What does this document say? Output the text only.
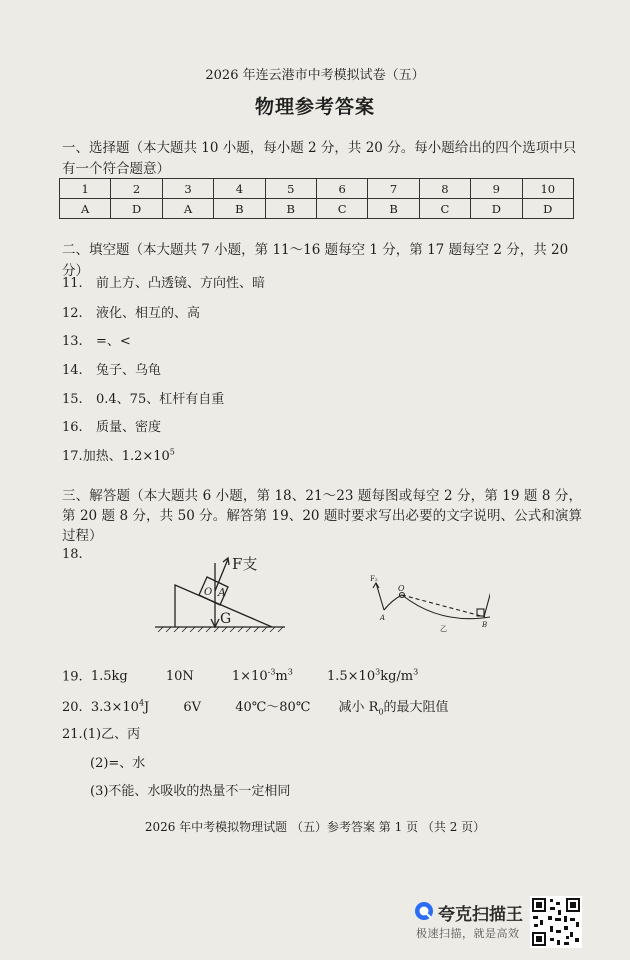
2026 年连云港市中考模拟试卷（五）
物理参考答案
一、选择题（本大题共 10 小题，每小题 2 分，共 20 分。每小题给出的四个选项中只有一个符合题意）
1	2	3	4	5	6	7	8	9	10
A	D	A	B	B	C	B	C	D	D
二、填空题（本大题共 7 小题，第 11～16 题每空 1 分，第 17 题每空 2 分，共 20 分）
11. 前上方、凸透镜、方向性、暗
12. 液化、相互的、高
13. =、<
14. 兔子、乌龟
15. 0.4、75、杠杆有自重
16. 质量、密度
17.加热、$1.2\times 10^5$
三、解答题（本大题共 6 小题，第 18、21～23 题每图或每空 2 分，第 19 题 8 分，第 20 题 8 分，共 50 分。解答第 19、20 题时要求写出必要的文字说明、公式和演算过程）
18.
F支
O A
G
F₂
A
O
乙	B
19. 1.5kg	10N	$1\times 10^{-3}m^3$	$1.5\times 10^3kg/m^3$
20. $3.3\times 10^4J$	6V	40℃～80℃ 减小 $R_0$的最大阻值
21.(1)乙、丙
(2)=、水
(3)不能、水吸收的热量不一定相同
2026 年中考模拟物理试题 （五）参考答案 第 1 页 （共 2 页）
夸克扫描王
极速扫描，就是高效
